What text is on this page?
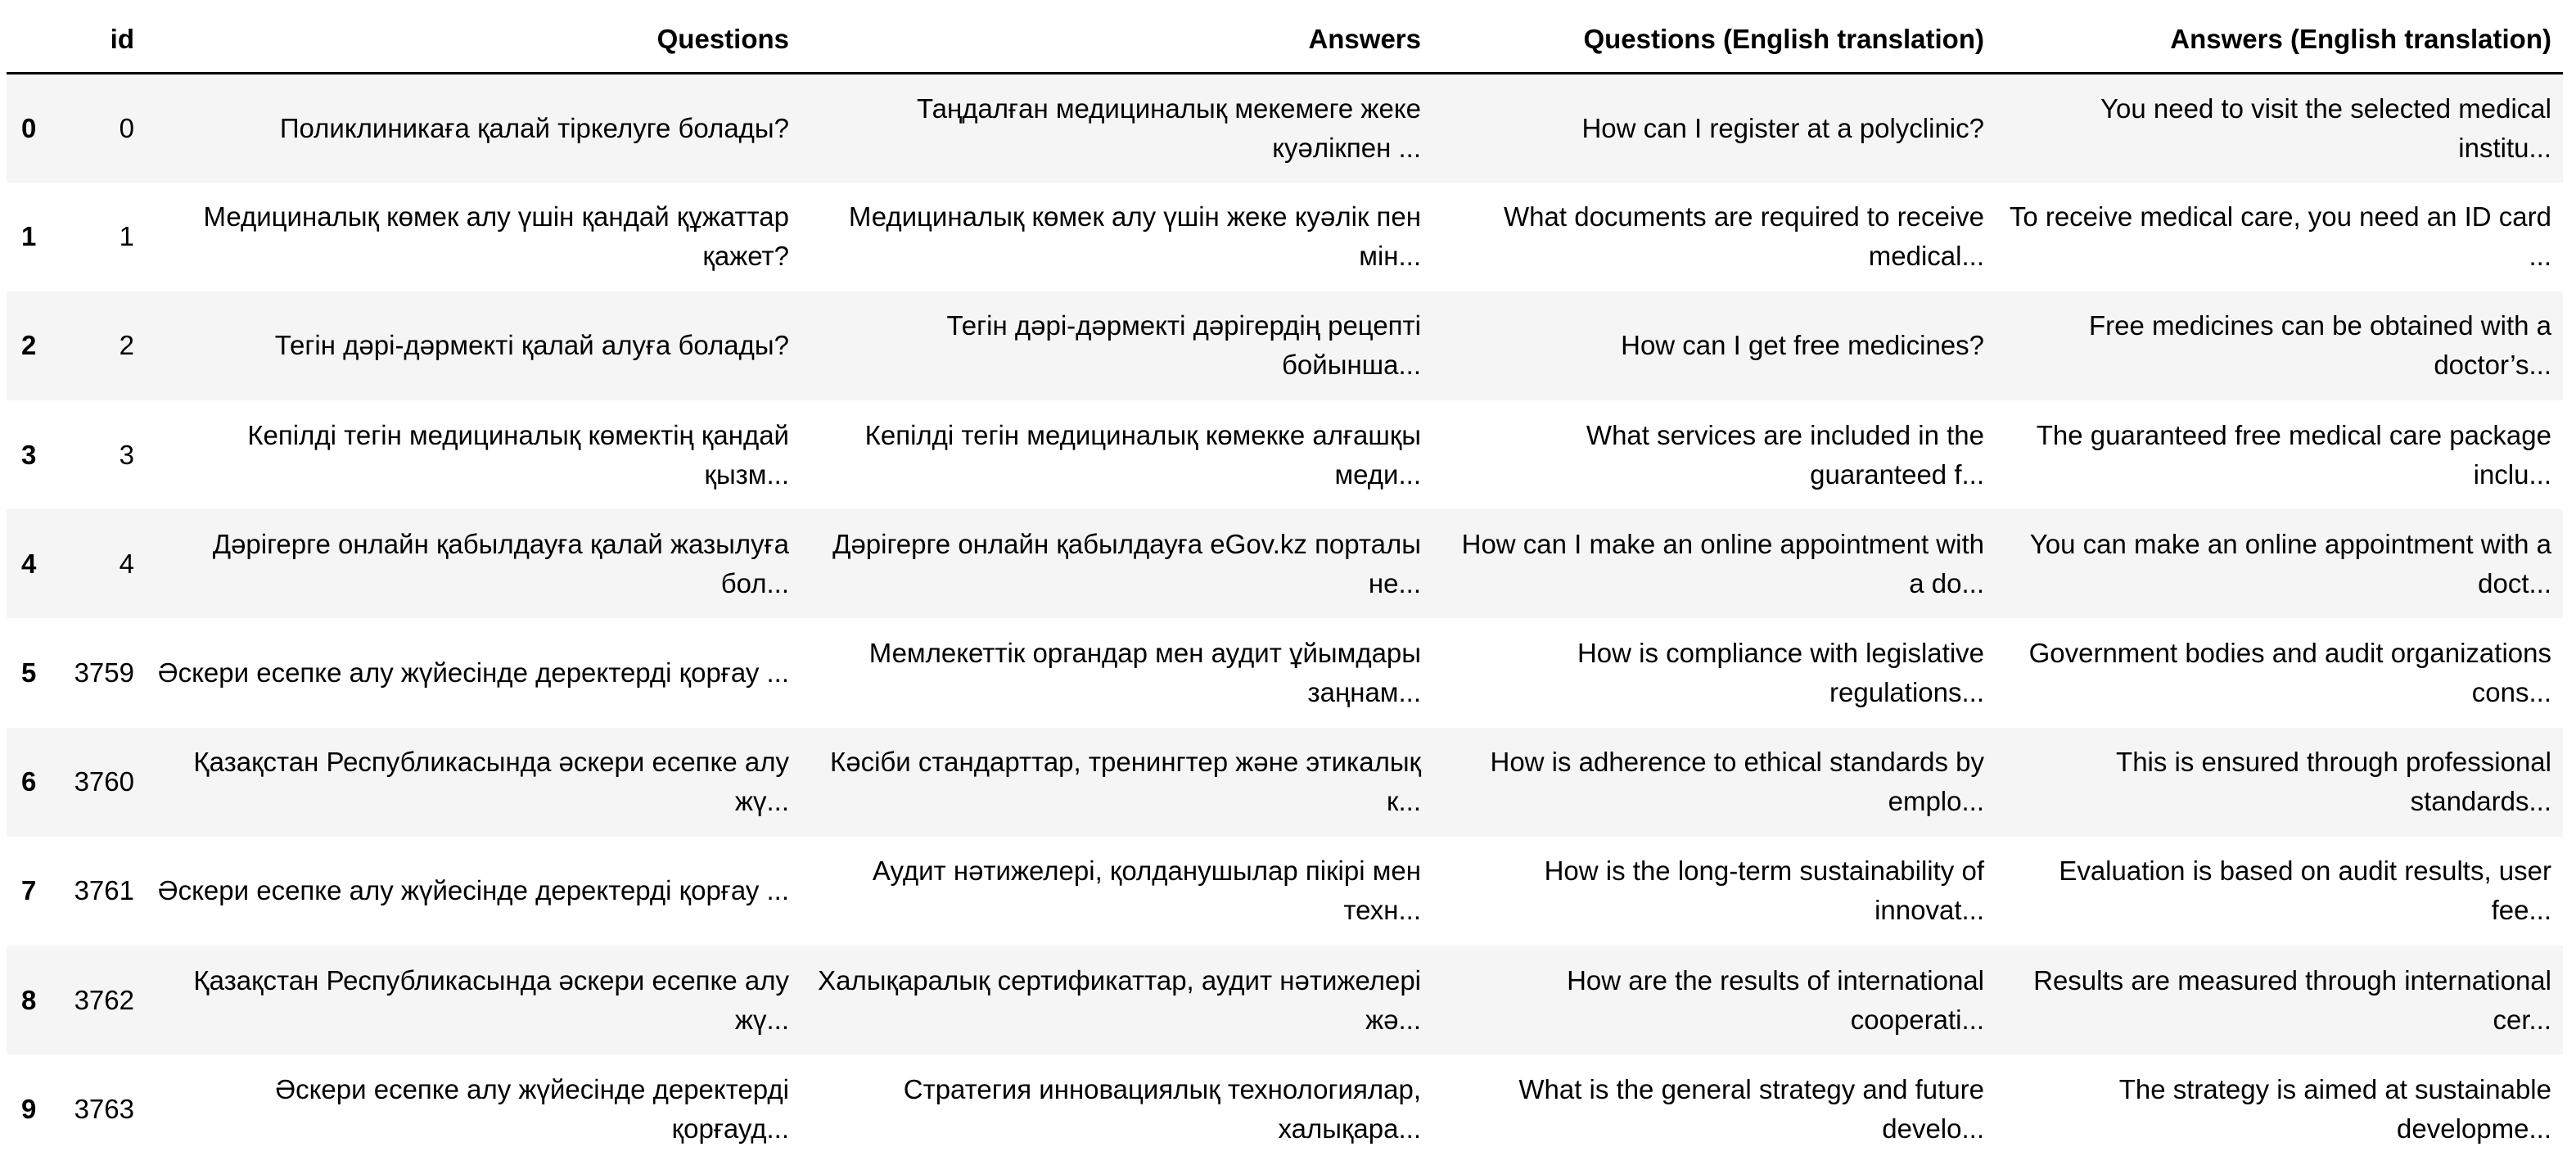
	id	Questions	Answers	Questions (English translation)	Answers (English translation)
0	0	Поликлиникаға қалай тіркелуге болады?	Таңдалған медициналық мекемеге жеке куәлікпен ...	How can I register at a polyclinic?	You need to visit the selected medical institu...
1	1	Медициналық көмек алу үшін қандай құжаттар қажет?	Медициналық көмек алу үшін жеке куәлік пен мін...	What documents are required to receive medical...	To receive medical care, you need an ID card ...
2	2	Тегін дәрі-дәрмекті қалай алуға болады?	Тегін дәрі-дәрмекті дәрігердің рецепті бойынша...	How can I get free medicines?	Free medicines can be obtained with a doctor’s...
3	3	Кепілді тегін медициналық көмектің қандай қызм...	Кепілді тегін медициналық көмекке алғашқы меди...	What services are included in the guaranteed f...	The guaranteed free medical care package inclu...
4	4	Дәрігерге онлайн қабылдауға қалай жазылуға бол...	Дәрігерге онлайн қабылдауға eGov.kz порталы не...	How can I make an online appointment with a do...	You can make an online appointment with a doct...
5	3759	Әскери есепке алу жүйесінде деректерді қорғау ...	Мемлекеттік органдар мен аудит ұйымдары заңнам...	How is compliance with legislative regulations...	Government bodies and audit organizations cons...
6	3760	Қазақстан Республикасында әскери есепке алу жү...	Кәсіби стандарттар, тренингтер және этикалық к...	How is adherence to ethical standards by emplo...	This is ensured through professional standards...
7	3761	Әскери есепке алу жүйесінде деректерді қорғау ...	Аудит нәтижелері, қолданушылар пікірі мен техн...	How is the long-term sustainability of innovat...	Evaluation is based on audit results, user fee...
8	3762	Қазақстан Республикасында әскери есепке алу жү...	Халықаралық сертификаттар, аудит нәтижелері жә...	How are the results of international cooperati...	Results are measured through international cer...
9	3763	Әскери есепке алу жүйесінде деректерді қорғауд...	Стратегия инновациялық технологиялар, халықара...	What is the general strategy and future develo...	The strategy is aimed at sustainable developme...
